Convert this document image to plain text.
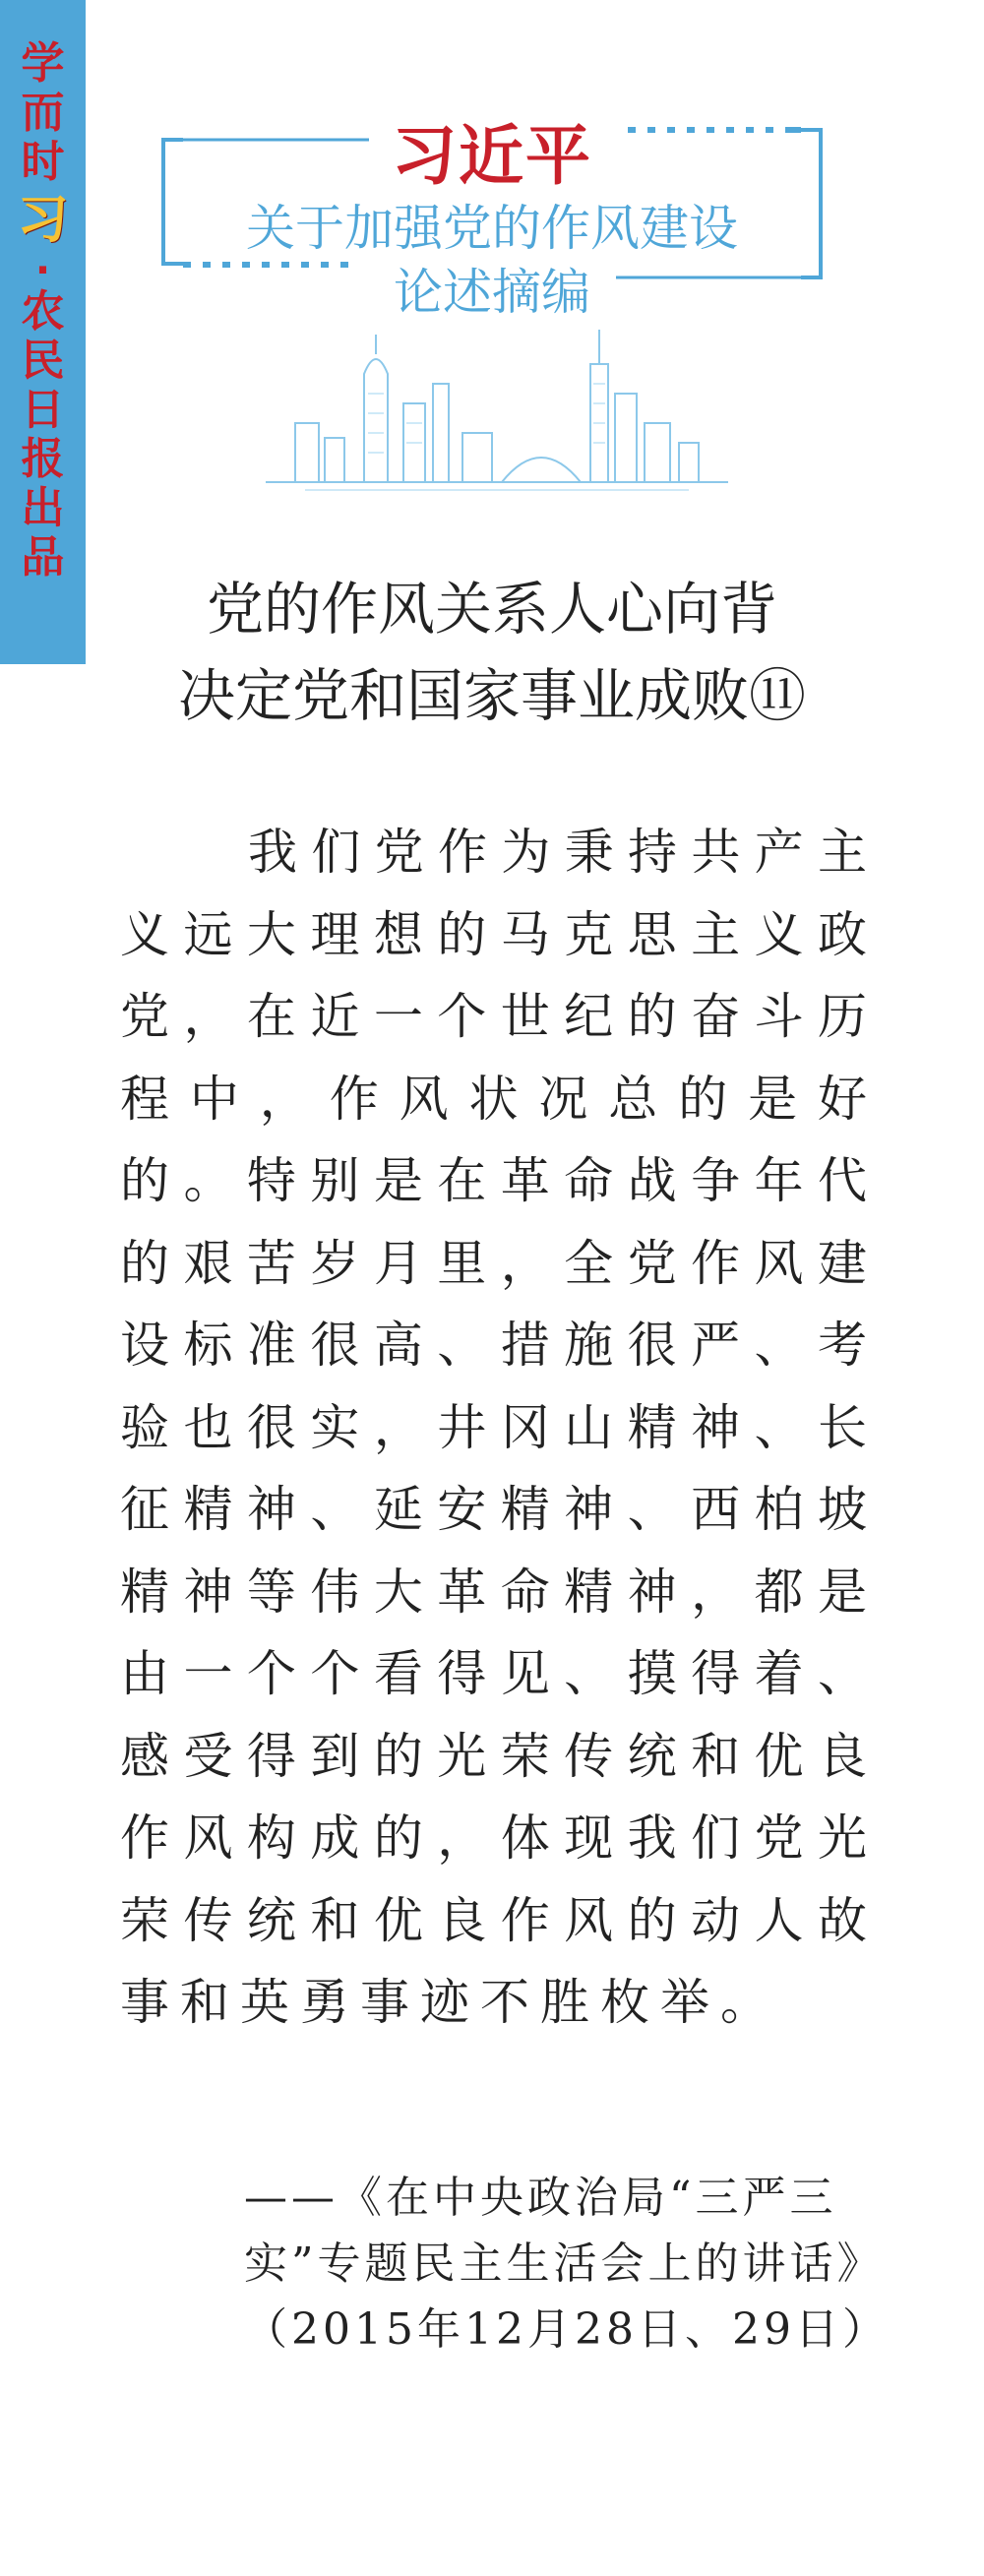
学
而
时
习
·
农
民
日
报
出
品
习近平
关于加强党的作风建设
论述摘编
党的作风关系人心向背
决定党和国家事业成败⑪
我们党作为秉持共产主义远大理想的马克思主义政党，在近一个世纪的奋斗历程中，作风状况总的是好的。特别是在革命战争年代的艰苦岁月里，全党作风建设标准很高、措施很严、考验也很实，井冈山精神、长征精神、延安精神、西柏坡精神等伟大革命精神，都是由一个个看得见、摸得着、感受得到的光荣传统和优良作风构成的，体现我们党光荣传统和优良作风的动人故事和英勇事迹不胜枚举。
——《在中央政治局“三严三实”专题民主生活会上的讲话》（2015年12月28日、29日）
